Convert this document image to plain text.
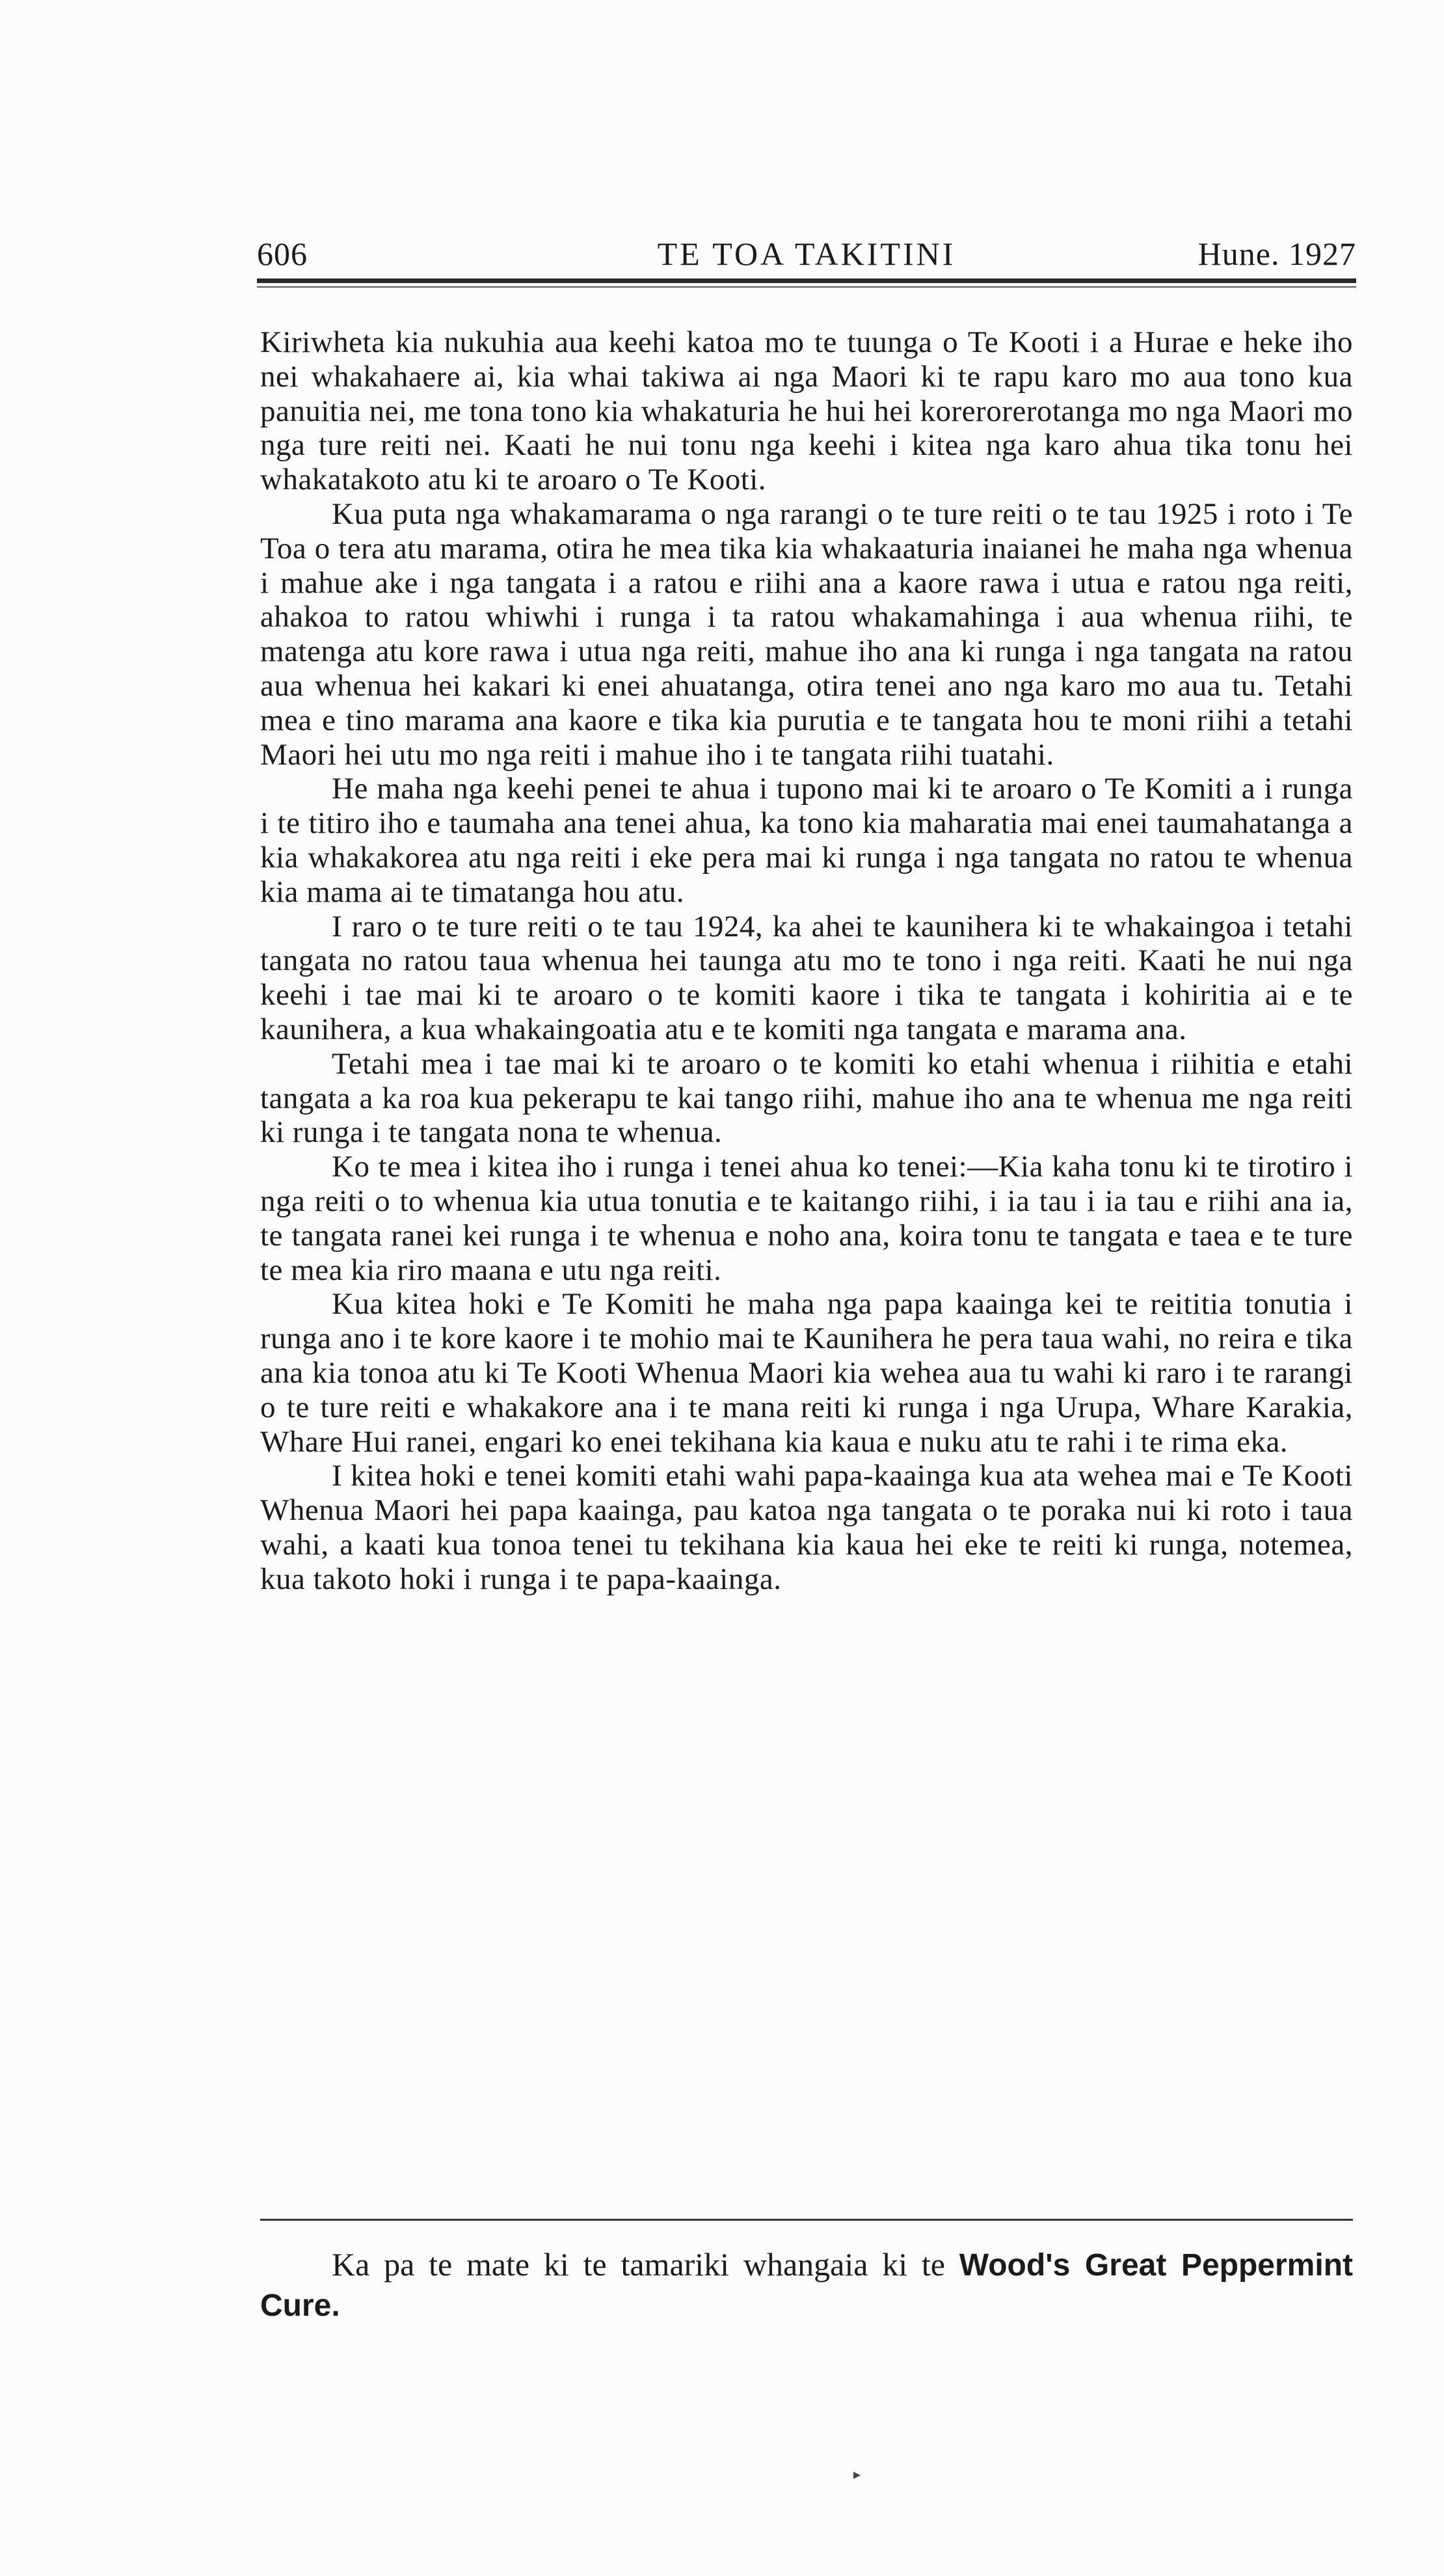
606	TE TOA TAKITINI	Hune. 1927

Kiriwheta kia nukuhia aua keehi katoa mo te tuunga o Te Kooti i a Hurae e heke iho nei whakahaere ai, kia whai takiwa ai nga Maori ki te rapu karo mo aua tono kua panuitia nei, me tona tono kia whakaturia he hui hei korerorerotanga mo nga Maori mo nga ture reiti nei. Kaati he nui tonu nga keehi i kitea nga karo ahua tika tonu hei whakatakoto atu ki te aroaro o Te Kooti.

Kua puta nga whakamarama o nga rarangi o te ture reiti o te tau 1925 i roto i Te Toa o tera atu marama, otira he mea tika kia whakaaturia inaianei he maha nga whenua i mahue ake i nga tangata i a ratou e riihi ana a kaore rawa i utua e ratou nga reiti, ahakoa to ratou whiwhi i runga i ta ratou whakamahinga i aua whenua riihi, te matenga atu kore rawa i utua nga reiti, mahue iho ana ki runga i nga tangata na ratou aua whenua hei kakari ki enei ahuatanga, otira tenei ano nga karo mo aua tu. Tetahi mea e tino marama ana kaore e tika kia purutia e te tangata hou te moni riihi a tetahi Maori hei utu mo nga reiti i mahue iho i te tangata riihi tuatahi.

He maha nga keehi penei te ahua i tupono mai ki te aroaro o Te Komiti a i runga i te titiro iho e taumaha ana tenei ahua, ka tono kia maharatia mai enei taumahatanga a kia whakakorea atu nga reiti i eke pera mai ki runga i nga tangata no ratou te whenua kia mama ai te timatanga hou atu.

I raro o te ture reiti o te tau 1924, ka ahei te kaunihera ki te whakaingoa i tetahi tangata no ratou taua whenua hei taunga atu mo te tono i nga reiti. Kaati he nui nga keehi i tae mai ki te aroaro o te komiti kaore i tika te tangata i kohiritia ai e te kaunihera, a kua whakaingoatia atu e te komiti nga tangata e marama ana.

Tetahi mea i tae mai ki te aroaro o te komiti ko etahi whenua i riihitia e etahi tangata a ka roa kua pekerapu te kai tango riihi, mahue iho ana te whenua me nga reiti ki runga i te tangata nona te whenua.

Ko te mea i kitea iho i runga i tenei ahua ko tenei:—Kia kaha tonu ki te tirotiro i nga reiti o to whenua kia utua tonutia e te kaitango riihi, i ia tau i ia tau e riihi ana ia, te tangata ranei kei runga i te whenua e noho ana, koira tonu te tangata e taea e te ture te mea kia riro maana e utu nga reiti.

Kua kitea hoki e Te Komiti he maha nga papa kaainga kei te reititia tonutia i runga ano i te kore kaore i te mohio mai te Kaunihera he pera taua wahi, no reira e tika ana kia tonoa atu ki Te Kooti Whenua Maori kia wehea aua tu wahi ki raro i te rarangi o te ture reiti e whakakore ana i te mana reiti ki runga i nga Urupa, Whare Karakia, Whare Hui ranei, engari ko enei tekihana kia kaua e nuku atu te rahi i te rima eka.

I kitea hoki e tenei komiti etahi wahi papa-kaainga kua ata wehea mai e Te Kooti Whenua Maori hei papa kaainga, pau katoa nga tangata o te poraka nui ki roto i taua wahi, a kaati kua tonoa tenei tu tekihana kia kaua hei eke te reiti ki runga, notemea, kua takoto hoki i runga i te papa-kaainga.

Ka pa te mate ki te tamariki whangaia ki te Wood's Great Peppermint Cure.
▸
